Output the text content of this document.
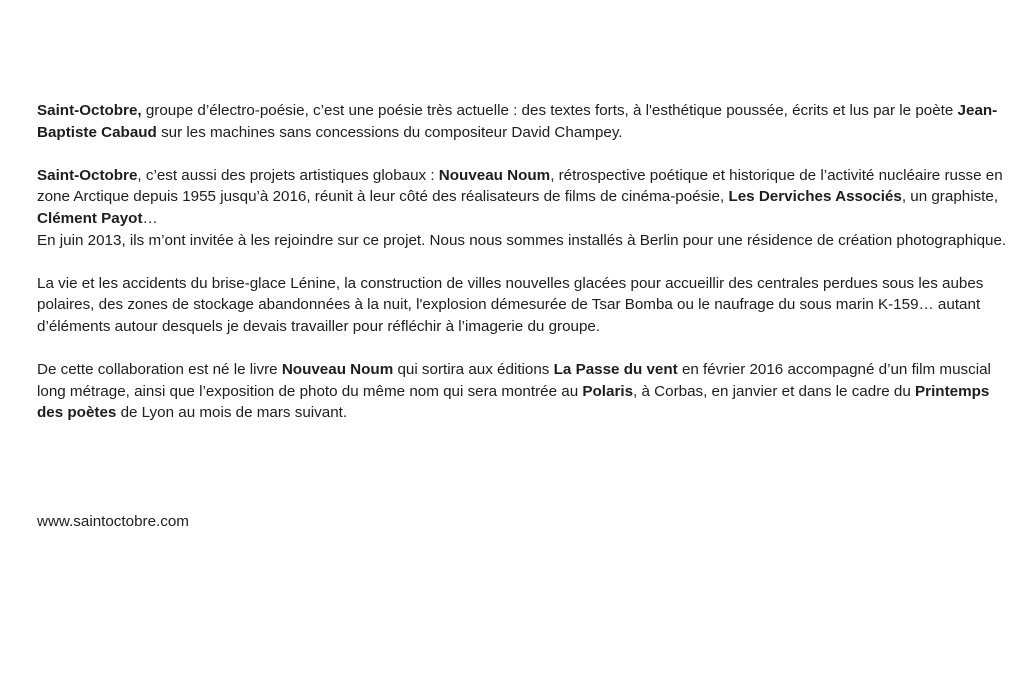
Saint-Octobre, groupe d’électro-poésie, c’est une poésie très actuelle : des textes forts, à l'esthétique poussée, écrits et lus par le poète Jean-Baptiste Cabaud sur les machines sans concessions du compositeur David Champey.

Saint-Octobre, c’est aussi des projets artistiques globaux : Nouveau Noum, rétrospective poétique et historique de l’activité nucléaire russe en zone Arctique depuis 1955 jusqu’à 2016, réunit à leur côté des réalisateurs de films de cinéma-poésie, Les Derviches Associés, un graphiste, Clément Payot…

En juin 2013, ils m’ont invitée à les rejoindre sur ce projet. Nous nous sommes installés à Berlin pour une résidence de création photographique.

La vie et les accidents du brise-glace Lénine, la construction de villes nouvelles glacées pour accueillir des centrales perdues sous les aubes polaires, des zones de stockage abandonnées à la nuit, l'explosion démesurée de Tsar Bomba ou le naufrage du sous marin K-159… autant d’éléments autour desquels je devais travailler pour réfléchir à l’imagerie du groupe.

De cette collaboration est né le livre Nouveau Noum qui sortira aux éditions La Passe du vent en février 2016 accompagné d’un film muscial long métrage, ainsi que l’exposition de photo du même nom qui sera montrée au Polaris, à Corbas, en janvier et dans le cadre du Printemps des poètes de Lyon au mois de mars suivant.

www.saintoctobre.com
